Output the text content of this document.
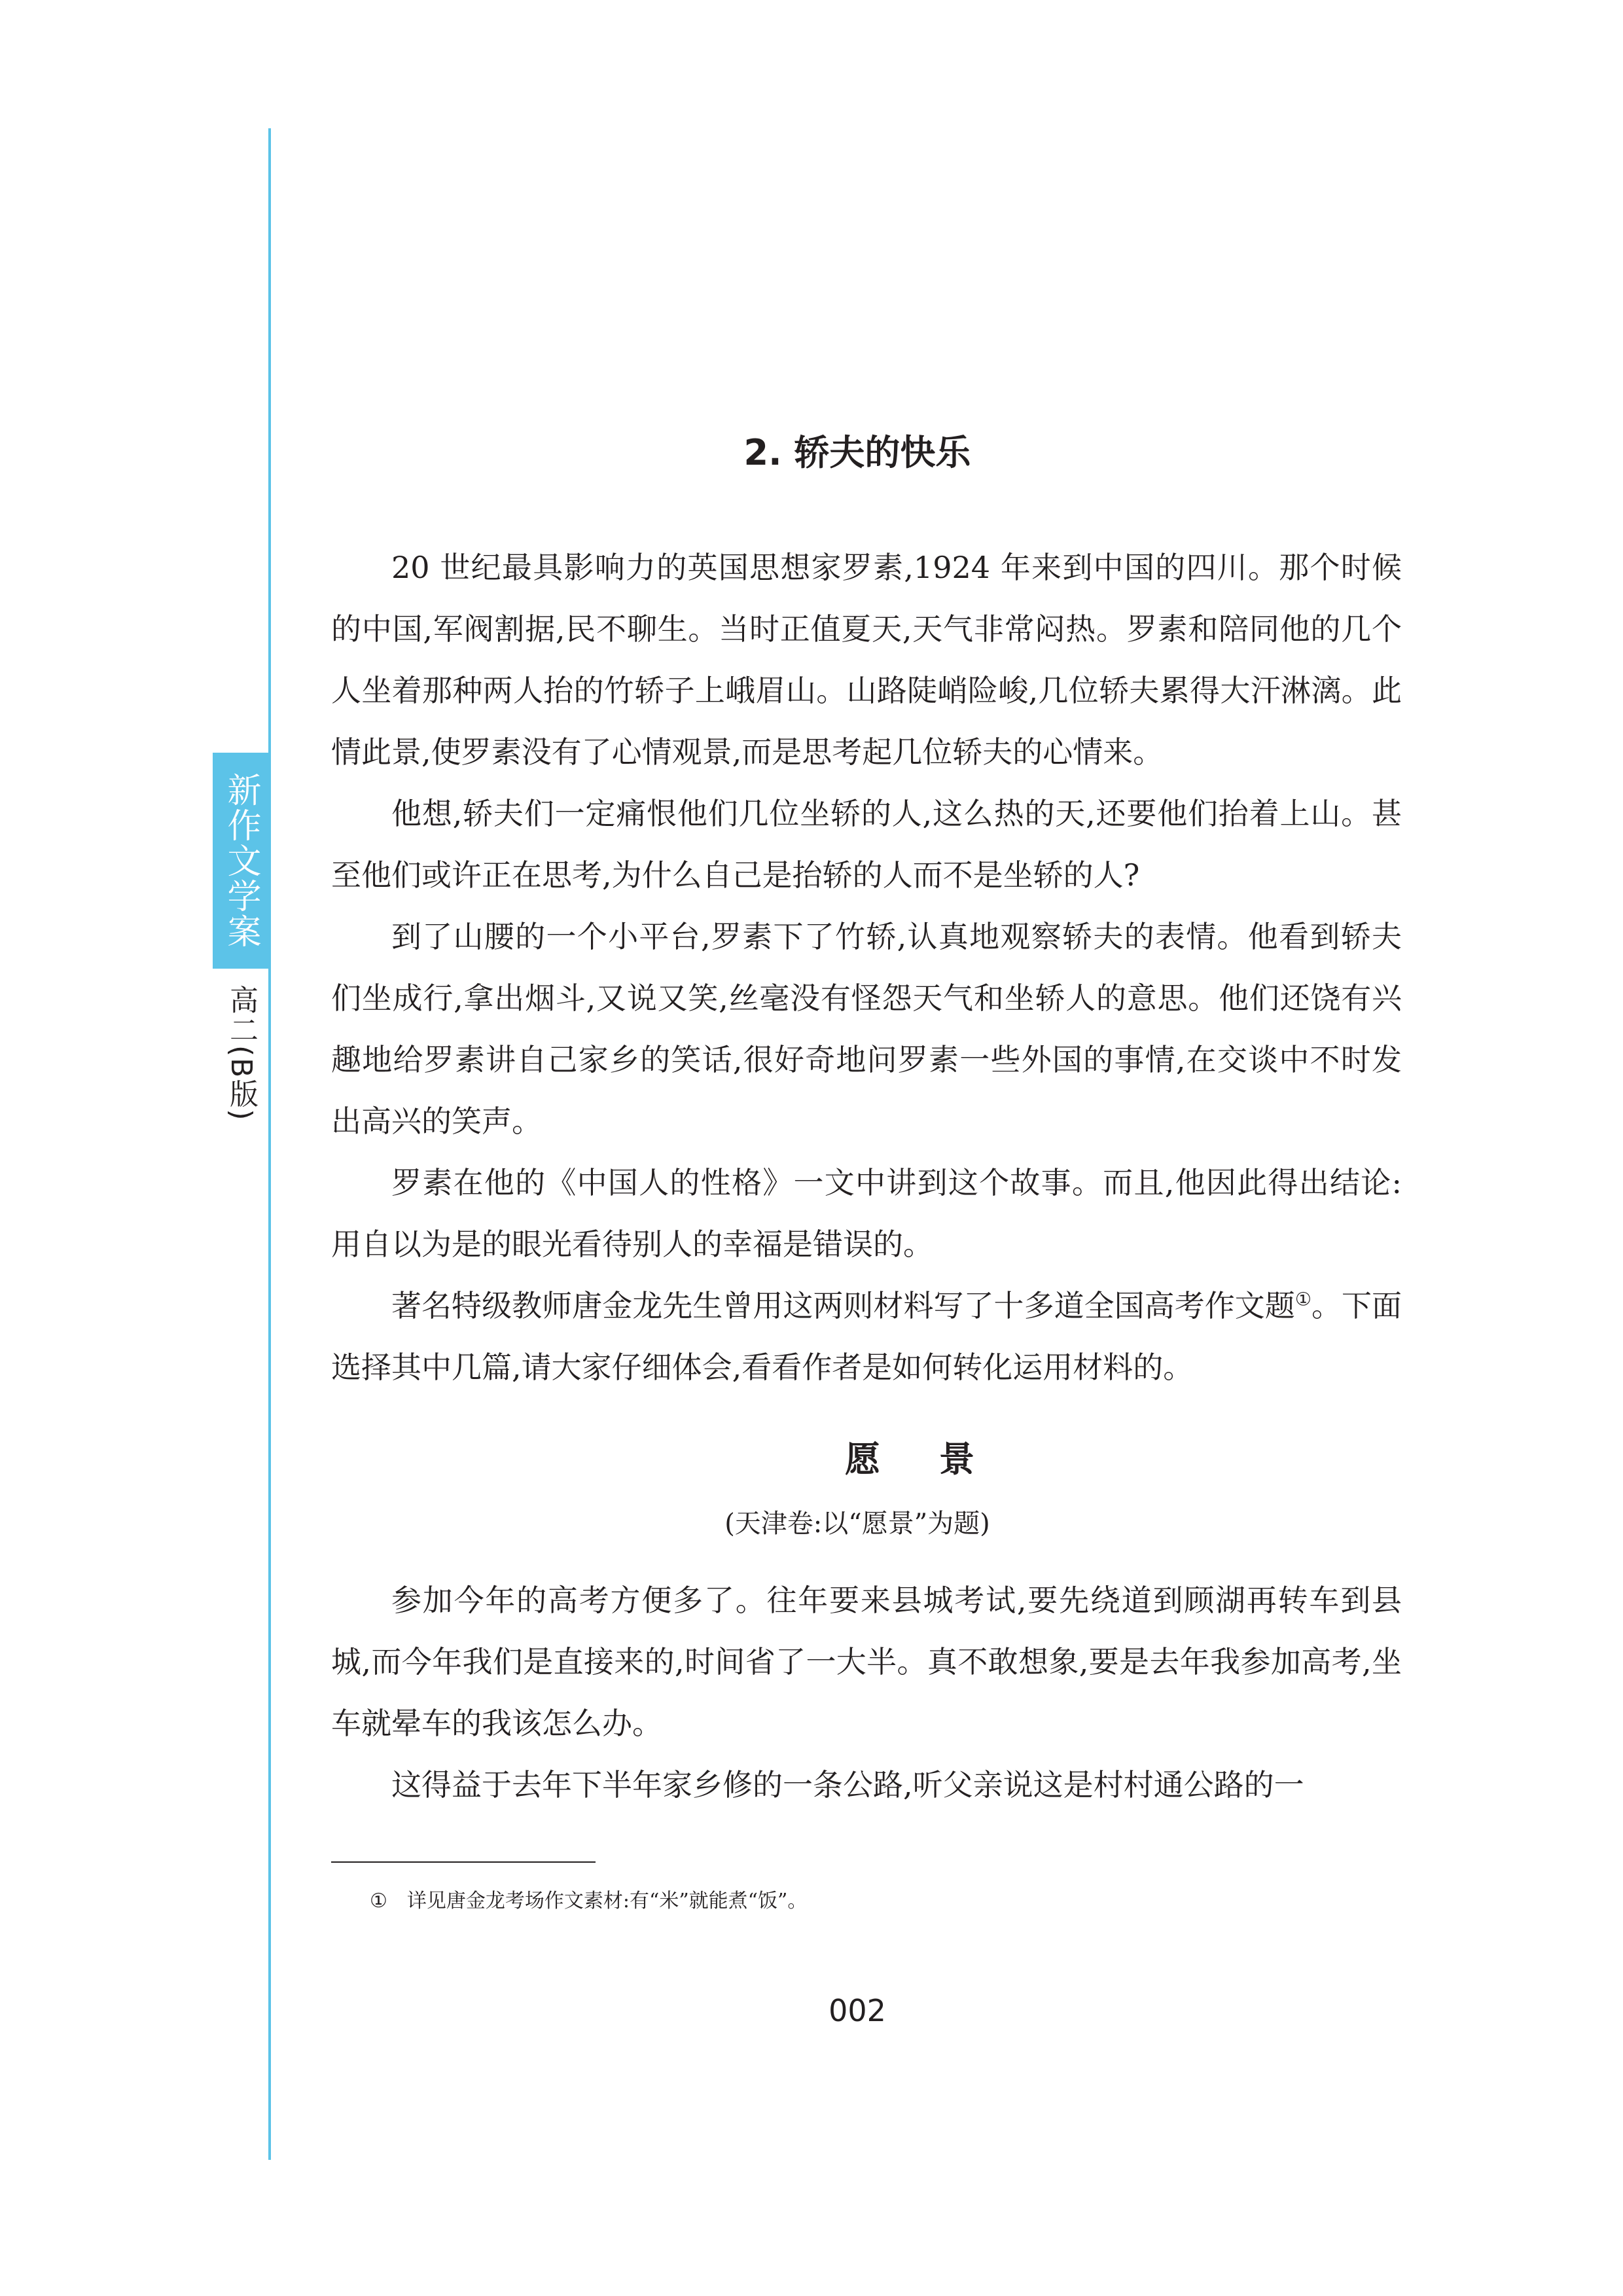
新作文学案
高二(B版)
2. 轿夫的快乐

20 世纪最具影响力的英国思想家罗素,1924 年来到中国的四川。那个时候的中国,军阀割据,民不聊生。当时正值夏天,天气非常闷热。罗素和陪同他的几个人坐着那种两人抬的竹轿子上峨眉山。山路陡峭险峻,几位轿夫累得大汗淋漓。此情此景,使罗素没有了心情观景,而是思考起几位轿夫的心情来。

他想,轿夫们一定痛恨他们几位坐轿的人,这么热的天,还要他们抬着上山。甚至他们或许正在思考,为什么自己是抬轿的人而不是坐轿的人?

到了山腰的一个小平台,罗素下了竹轿,认真地观察轿夫的表情。他看到轿夫们坐成行,拿出烟斗,又说又笑,丝毫没有怪怨天气和坐轿人的意思。他们还饶有兴趣地给罗素讲自己家乡的笑话,很好奇地问罗素一些外国的事情,在交谈中不时发出高兴的笑声。

罗素在他的《中国人的性格》一文中讲到这个故事。而且,他因此得出结论:用自以为是的眼光看待别人的幸福是错误的。

著名特级教师唐金龙先生曾用这两则材料写了十多道全国高考作文题①。下面选择其中几篇,请大家仔细体会,看看作者是如何转化运用材料的。

愿景
(天津卷:以“愿景”为题)

参加今年的高考方便多了。往年要来县城考试,要先绕道到顾湖再转车到县城,而今年我们是直接来的,时间省了一大半。真不敢想象,要是去年我参加高考,坐车就晕车的我该怎么办。

这得益于去年下半年家乡修的一条公路,听父亲说这是村村通公路的一

① 详见唐金龙考场作文素材:有“米”就能煮“饭”。
002
